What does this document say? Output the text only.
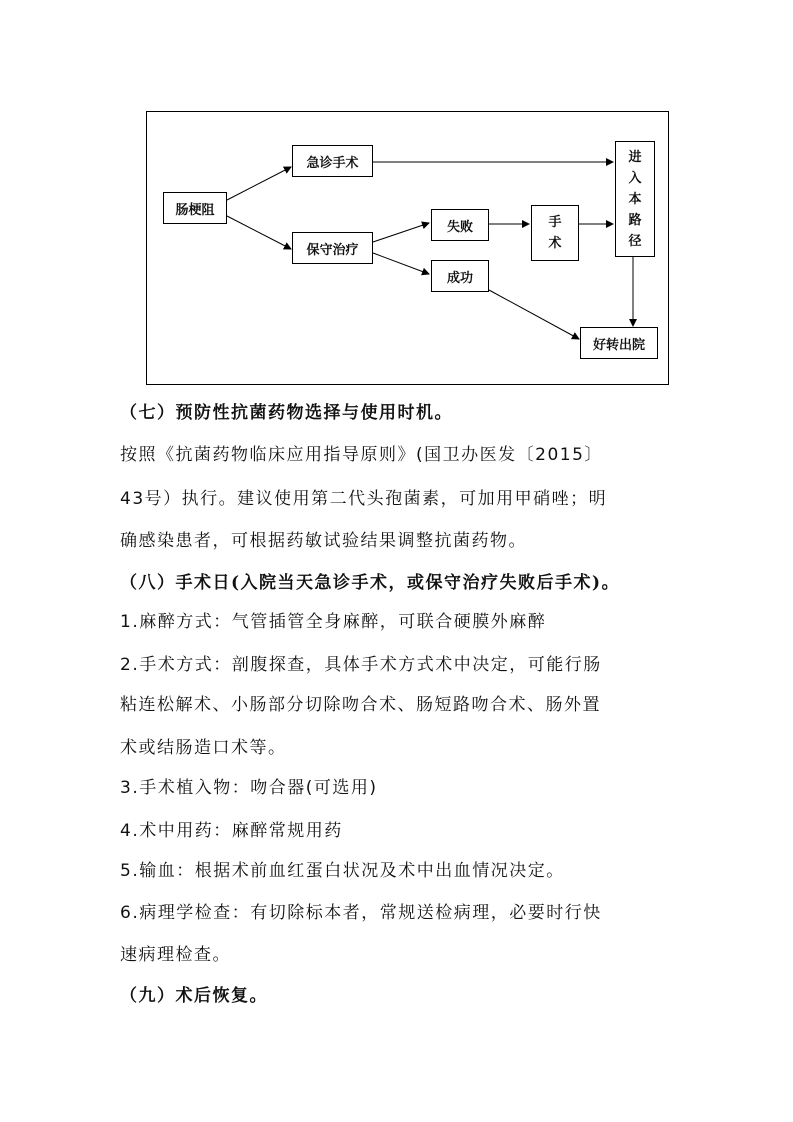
肠梗阻
急诊手术
保守治疗
失败
成功
手
术
进
入
本
路
径
好转出院
（七）预防性抗菌药物选择与使用时机。
按照《抗菌药物临床应用指导原则》(国卫办医发〔2015〕
43号）执行。建议使用第二代头孢菌素，可加用甲硝唑；明
确感染患者，可根据药敏试验结果调整抗菌药物。
（八）手术日(入院当天急诊手术，或保守治疗失败后手术)。
1.麻醉方式：气管插管全身麻醉，可联合硬膜外麻醉
2.手术方式：剖腹探查，具体手术方式术中决定，可能行肠
粘连松解术、小肠部分切除吻合术、肠短路吻合术、肠外置
术或结肠造口术等。
3.手术植入物：吻合器(可选用)
4.术中用药：麻醉常规用药
5.输血：根据术前血红蛋白状况及术中出血情况决定。
6.病理学检查：有切除标本者，常规送检病理，必要时行快
速病理检查。
（九）术后恢复。
